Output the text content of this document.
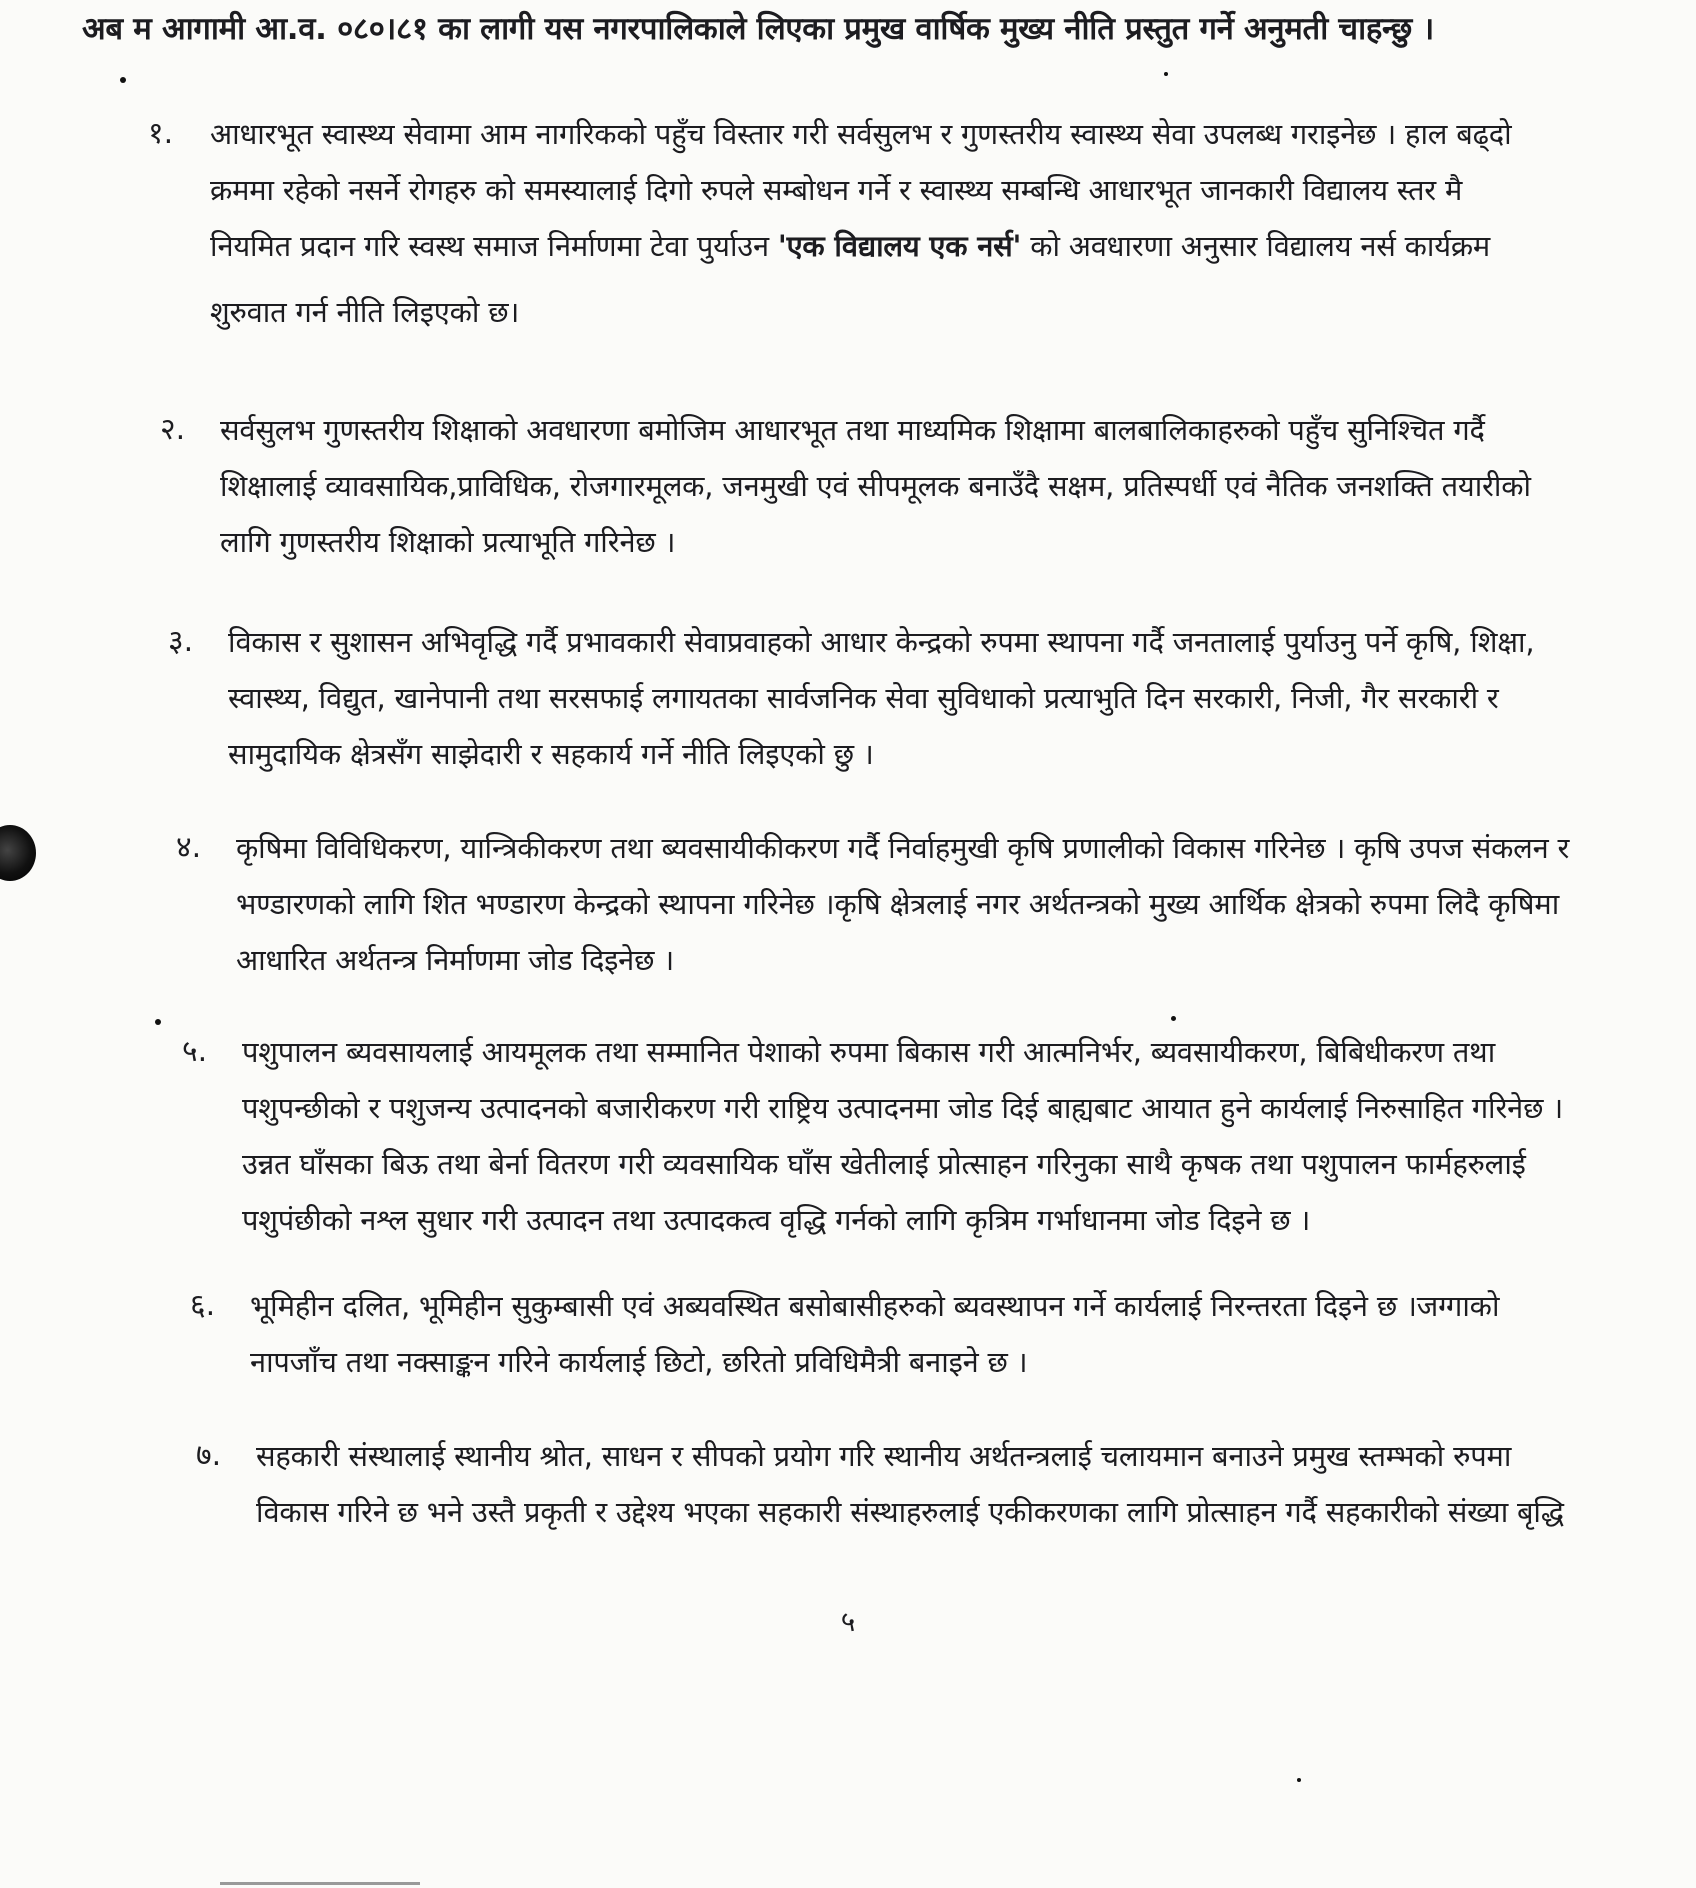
अब म आगामी आ.व. ०८०।८१ का लागी यस नगरपालिकाले लिएका प्रमुख वार्षिक मुख्य नीति प्रस्तुत गर्ने अनुमती चाहन्छु ।
१. आधारभूत स्वास्थ्य सेवामा आम नागरिकको पहुँच विस्तार गरी सर्वसुलभ र गुणस्तरीय स्वास्थ्य सेवा उपलब्ध गराइनेछ । हाल बढ्दो
क्रममा रहेको नसर्ने रोगहरु को समस्यालाई दिगो रुपले सम्बोधन गर्ने र स्वास्थ्य सम्बन्धि आधारभूत जानकारी विद्यालय स्तर मै
नियमित प्रदान गरि स्वस्थ समाज निर्माणमा टेवा पुर्याउन 'एक विद्यालय एक नर्स' को अवधारणा अनुसार विद्यालय नर्स कार्यक्रम
शुरुवात गर्न नीति लिइएको छ।
२. सर्वसुलभ गुणस्तरीय शिक्षाको अवधारणा बमोजिम आधारभूत तथा माध्यमिक शिक्षामा बालबालिकाहरुको पहुँच सुनिश्चित गर्दै
शिक्षालाई व्यावसायिक,प्राविधिक, रोजगारमूलक, जनमुखी एवं सीपमूलक बनाउँदै सक्षम, प्रतिस्पर्धी एवं नैतिक जनशक्ति तयारीको
लागि गुणस्तरीय शिक्षाको प्रत्याभूति गरिनेछ ।
३. विकास र सुशासन अभिवृद्धि गर्दै प्रभावकारी सेवाप्रवाहको आधार केन्द्रको रुपमा स्थापना गर्दै जनतालाई पुर्याउनु पर्ने कृषि, शिक्षा,
स्वास्थ्य, विद्युत, खानेपानी तथा सरसफाई लगायतका सार्वजनिक सेवा सुविधाको प्रत्याभुति दिन सरकारी, निजी, गैर सरकारी र
सामुदायिक क्षेत्रसँग साझेदारी र सहकार्य गर्ने नीति लिइएको छु ।
४. कृषिमा विविधिकरण, यान्त्रिकीकरण तथा ब्यवसायीकीकरण गर्दै निर्वाहमुखी कृषि प्रणालीको विकास गरिनेछ । कृषि उपज संकलन र
भण्डारणको लागि शित भण्डारण केन्द्रको स्थापना गरिनेछ ।कृषि क्षेत्रलाई नगर अर्थतन्त्रको मुख्य आर्थिक क्षेत्रको रुपमा लिदै कृषिमा
आधारित अर्थतन्त्र निर्माणमा जोड दिइनेछ ।
५. पशुपालन ब्यवसायलाई आयमूलक तथा सम्मानित पेशाको रुपमा बिकास गरी आत्मनिर्भर, ब्यवसायीकरण, बिबिधीकरण तथा
पशुपन्छीको र पशुजन्य उत्पादनको बजारीकरण गरी राष्ट्रिय उत्पादनमा जोड दिई बाह्यबाट आयात हुने कार्यलाई निरुसाहित गरिनेछ ।
उन्नत घाँसका बिऊ तथा बेर्ना वितरण गरी व्यवसायिक घाँस खेतीलाई प्रोत्साहन गरिनुका साथै कृषक तथा पशुपालन फार्महरुलाई
पशुपंछीको नश्ल सुधार गरी उत्पादन तथा उत्पादकत्व वृद्धि गर्नको लागि कृत्रिम गर्भाधानमा जोड दिइने छ ।
६. भूमिहीन दलित, भूमिहीन सुकुम्बासी एवं अब्यवस्थित बसोबासीहरुको ब्यवस्थापन गर्ने कार्यलाई निरन्तरता दिइने छ ।जग्गाको
नापजाँच तथा नक्साङ्कन गरिने कार्यलाई छिटो, छरितो प्रविधिमैत्री बनाइने छ ।
७. सहकारी संस्थालाई स्थानीय श्रोत, साधन र सीपको प्रयोग गरि स्थानीय अर्थतन्त्रलाई चलायमान बनाउने प्रमुख स्तम्भको रुपमा
विकास गरिने छ भने उस्तै प्रकृती र उद्देश्य भएका सहकारी संस्थाहरुलाई एकीकरणका लागि प्रोत्साहन गर्दै सहकारीको संख्या बृद्धि
५
